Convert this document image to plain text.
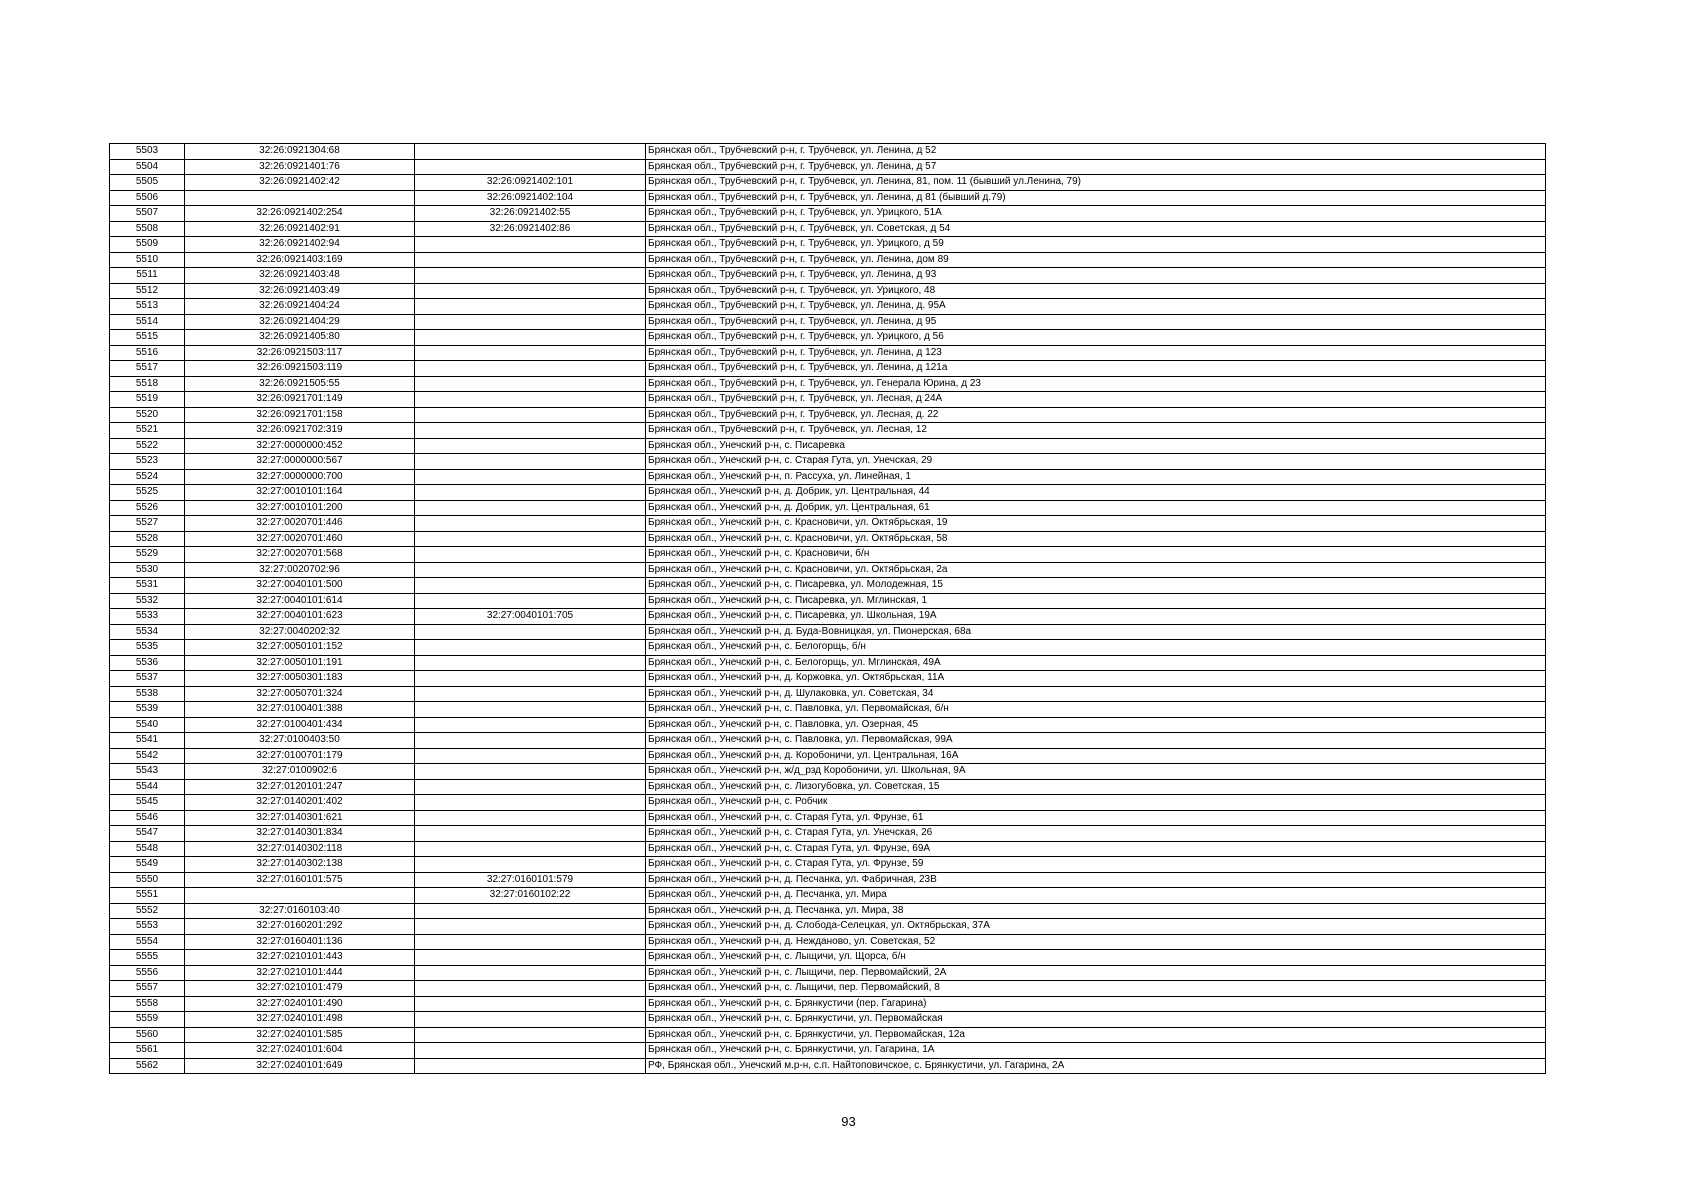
5503	32:26:0921304:68		Брянская обл., Трубчевский р-н, г. Трубчевск, ул. Ленина, д 52
5504	32:26:0921401:76		Брянская обл., Трубчевский р-н, г. Трубчевск, ул. Ленина, д 57
5505	32:26:0921402:42	32:26:0921402:101	Брянская обл., Трубчевский р-н, г. Трубчевск, ул. Ленина, 81, пом. 11 (бывший ул.Ленина, 79)
5506		32:26:0921402:104	Брянская обл., Трубчевский р-н, г. Трубчевск, ул. Ленина, д 81 (бывший д.79)
5507	32:26:0921402:254	32:26:0921402:55	Брянская обл., Трубчевский р-н, г. Трубчевск, ул. Урицкого, 51А
5508	32:26:0921402:91	32:26:0921402:86	Брянская обл., Трубчевский р-н, г. Трубчевск, ул. Советская, д 54
5509	32:26:0921402:94		Брянская обл., Трубчевский р-н, г. Трубчевск, ул. Урицкого, д 59
5510	32:26:0921403:169		Брянская обл., Трубчевский р-н, г. Трубчевск, ул. Ленина, дом 89
5511	32:26:0921403:48		Брянская обл., Трубчевский р-н, г. Трубчевск, ул. Ленина, д 93
5512	32:26:0921403:49		Брянская обл., Трубчевский р-н, г. Трубчевск, ул. Урицкого, 48
5513	32:26:0921404:24		Брянская обл., Трубчевский р-н, г. Трубчевск, ул. Ленина, д. 95А
5514	32:26:0921404:29		Брянская обл., Трубчевский р-н, г. Трубчевск, ул. Ленина, д 95
5515	32:26:0921405:80		Брянская обл., Трубчевский р-н, г. Трубчевск, ул. Урицкого, д 56
5516	32:26:0921503:117		Брянская обл., Трубчевский р-н, г. Трубчевск, ул. Ленина, д 123
5517	32:26:0921503:119		Брянская обл., Трубчевский р-н, г. Трубчевск, ул. Ленина, д 121а
5518	32:26:0921505:55		Брянская обл., Трубчевский р-н, г. Трубчевск, ул. Генерала Юрина, д 23
5519	32:26:0921701:149		Брянская обл., Трубчевский р-н, г. Трубчевск, ул. Лесная, д 24А
5520	32:26:0921701:158		Брянская обл., Трубчевский р-н, г. Трубчевск, ул. Лесная, д. 22
5521	32:26:0921702:319		Брянская обл., Трубчевский р-н, г. Трубчевск, ул. Лесная, 12
5522	32:27:0000000:452		Брянская обл., Унечский р-н, с. Писаревка
5523	32:27:0000000:567		Брянская обл., Унечский р-н, с. Старая Гута, ул. Унечская, 29
5524	32:27:0000000:700		Брянская обл., Унечский р-н, п. Рассуха, ул. Линейная, 1
5525	32:27:0010101:164		Брянская обл., Унечский р-н, д. Добрик, ул. Центральная, 44
5526	32:27:0010101:200		Брянская обл., Унечский р-н, д. Добрик, ул. Центральная, 61
5527	32:27:0020701:446		Брянская обл., Унечский р-н, с. Красновичи, ул. Октябрьская, 19
5528	32:27:0020701:460		Брянская обл., Унечский р-н, с. Красновичи, ул. Октябрьская, 58
5529	32:27:0020701:568		Брянская обл., Унечский р-н, с. Красновичи, б/н
5530	32:27:0020702:96		Брянская обл., Унечский р-н, с. Красновичи, ул. Октябрьская, 2а
5531	32:27:0040101:500		Брянская обл., Унечский р-н, с. Писаревка, ул. Молодежная, 15
5532	32:27:0040101:614		Брянская обл., Унечский р-н, с. Писаревка, ул. Мглинская, 1
5533	32:27:0040101:623	32:27:0040101:705	Брянская обл., Унечский р-н, с. Писаревка, ул. Школьная, 19А
5534	32:27:0040202:32		Брянская обл., Унечский р-н, д. Буда-Вовницкая, ул. Пионерская, 68а
5535	32:27:0050101:152		Брянская обл., Унечский р-н, с. Белогорщь, б/н
5536	32:27:0050101:191		Брянская обл., Унечский р-н, с. Белогорщь, ул. Мглинская, 49А
5537	32:27:0050301:183		Брянская обл., Унечский р-н, д. Коржовка, ул. Октябрьская, 11А
5538	32:27:0050701:324		Брянская обл., Унечский р-н, д. Шулаковка, ул. Советская, 34
5539	32:27:0100401:388		Брянская обл., Унечский р-н, с. Павловка, ул. Первомайская, б/н
5540	32:27:0100401:434		Брянская обл., Унечский р-н, с. Павловка, ул. Озерная, 45
5541	32:27:0100403:50		Брянская обл., Унечский р-н, с. Павловка, ул. Первомайская, 99А
5542	32:27:0100701:179		Брянская обл., Унечский р-н, д. Коробоничи, ул. Центральная, 16А
5543	32:27:0100902:6		Брянская обл., Унечский р-н, ж/д_рзд Коробоничи, ул. Школьная, 9А
5544	32:27:0120101:247		Брянская обл., Унечский р-н, с. Лизогубовка, ул. Советская, 15
5545	32:27:0140201:402		Брянская обл., Унечский р-н, с. Робчик
5546	32:27:0140301:621		Брянская обл., Унечский р-н, с. Старая Гута, ул. Фрунзе, 61
5547	32:27:0140301:834		Брянская обл., Унечский р-н, с. Старая Гута, ул. Унечская, 26
5548	32:27:0140302:118		Брянская обл., Унечский р-н, с. Старая Гута, ул. Фрунзе, 69А
5549	32:27:0140302:138		Брянская обл., Унечский р-н, с. Старая Гута, ул. Фрунзе, 59
5550	32:27:0160101:575	32:27:0160101:579	Брянская обл., Унечский р-н, д. Песчанка, ул. Фабричная, 23В
5551		32:27:0160102:22	Брянская обл., Унечский р-н, д. Песчанка, ул. Мира
5552	32:27:0160103:40		Брянская обл., Унечский р-н, д. Песчанка, ул. Мира, 38
5553	32:27:0160201:292		Брянская обл., Унечский р-н, д. Слобода-Селецкая, ул. Октябрьская, 37А
5554	32:27:0160401:136		Брянская обл., Унечский р-н, д. Нежданово, ул. Советская, 52
5555	32:27:0210101:443		Брянская обл., Унечский р-н, с. Лыщичи, ул. Щорса, б/н
5556	32:27:0210101:444		Брянская обл., Унечский р-н, с. Лыщичи, пер. Первомайский, 2А
5557	32:27:0210101:479		Брянская обл., Унечский р-н, с. Лыщичи, пер. Первомайский, 8
5558	32:27:0240101:490		Брянская обл., Унечский р-н, с. Брянкустичи (пер. Гагарина)
5559	32:27:0240101:498		Брянская обл., Унечский р-н, с. Брянкустичи, ул. Первомайская
5560	32:27:0240101:585		Брянская обл., Унечский р-н, с. Брянкустичи, ул. Первомайская, 12а
5561	32:27:0240101:604		Брянская обл., Унечский р-н, с. Брянкустичи, ул. Гагарина, 1А
5562	32:27:0240101:649		РФ, Брянская обл., Унечский м.р-н, с.п. Найтоповичское, с. Брянкустичи, ул. Гагарина, 2А
93
